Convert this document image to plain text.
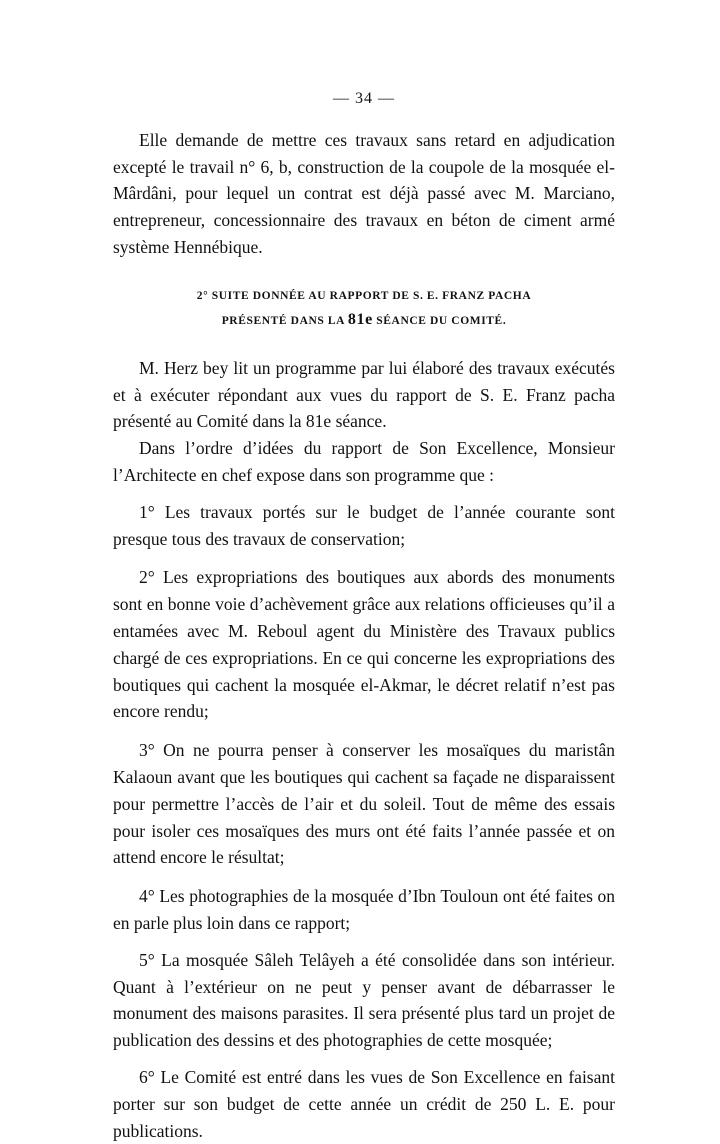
— 34 —

Elle demande de mettre ces travaux sans retard en adjudication excepté le travail n° 6, b, construction de la coupole de la mosquée el-Mârdâni, pour lequel un contrat est déjà passé avec M. Marciano, entrepreneur, concessionnaire des travaux en béton de ciment armé système Hennébique.

2° SUITE DONNÉE AU RAPPORT DE S. E. FRANZ PACHA
PRÉSENTÉ DANS LA 81e SÉANCE DU COMITÉ.

M. Herz bey lit un programme par lui élaboré des travaux exécutés et à exécuter répondant aux vues du rapport de S. E. Franz pacha présenté au Comité dans la 81e séance.

Dans l’ordre d’idées du rapport de Son Excellence, Monsieur l’Architecte en chef expose dans son programme que :

1° Les travaux portés sur le budget de l’année courante sont presque tous des travaux de conservation;

2° Les expropriations des boutiques aux abords des monuments sont en bonne voie d’achèvement grâce aux relations officieuses qu’il a entamées avec M. Reboul agent du Ministère des Travaux publics chargé de ces expropriations. En ce qui concerne les expropriations des boutiques qui cachent la mosquée el-Akmar, le décret relatif n’est pas encore rendu;

3° On ne pourra penser à conserver les mosaïques du maristân Kalaoun avant que les boutiques qui cachent sa façade ne disparaissent pour permettre l’accès de l’air et du soleil. Tout de même des essais pour isoler ces mosaïques des murs ont été faits l’année passée et on attend encore le résultat;

4° Les photographies de la mosquée d’Ibn Touloun ont été faites on en parle plus loin dans ce rapport;

5° La mosquée Sâleh Telâyeh a été consolidée dans son intérieur. Quant à l’extérieur on ne peut y penser avant de débarrasser le monument des maisons parasites. Il sera présenté plus tard un projet de publication des dessins et des photographies de cette mosquée;

6° Le Comité est entré dans les vues de Son Excellence en faisant porter sur son budget de cette année un crédit de 250 L. E. pour publications.
